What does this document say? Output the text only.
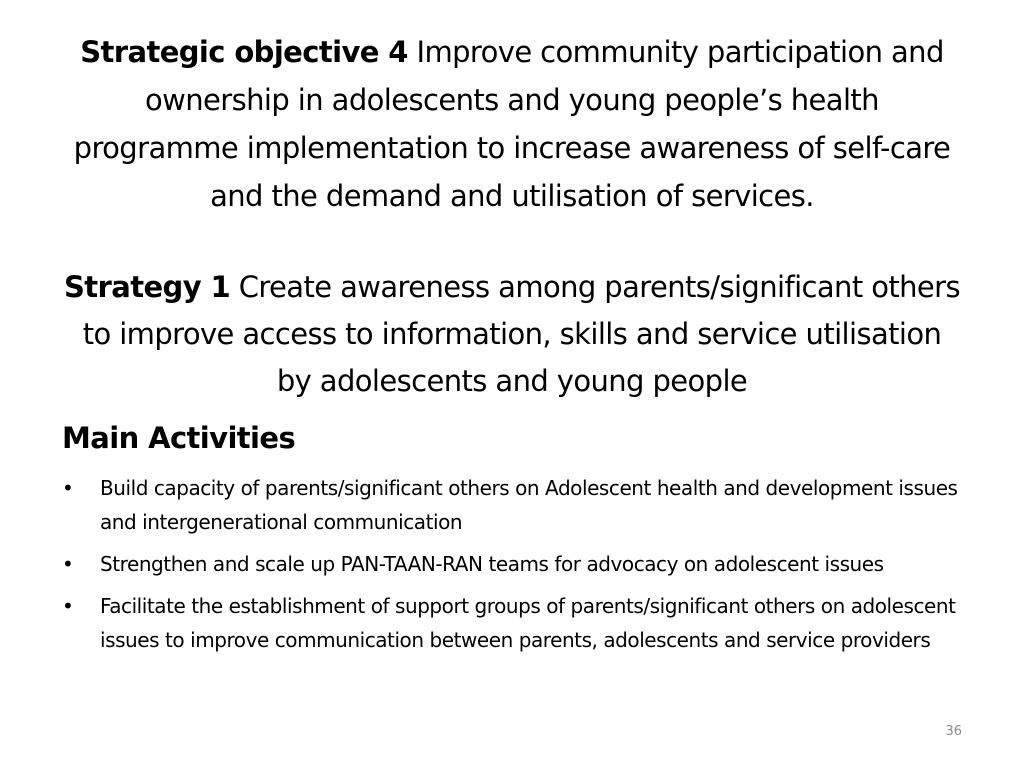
Strategic objective 4 Improve community participation and ownership in adolescents and young people’s health programme implementation to increase awareness of self-care and the demand and utilisation of services.
Strategy 1 Create awareness among parents/significant others to improve access to information, skills and service utilisation by adolescents and young people
Main Activities
• Build capacity of parents/significant others on Adolescent health and development issues and intergenerational communication
• Strengthen and scale up PAN-TAAN-RAN teams for advocacy on adolescent issues
• Facilitate the establishment of support groups of parents/significant others on adolescent issues to improve communication between parents, adolescents and service providers
36
